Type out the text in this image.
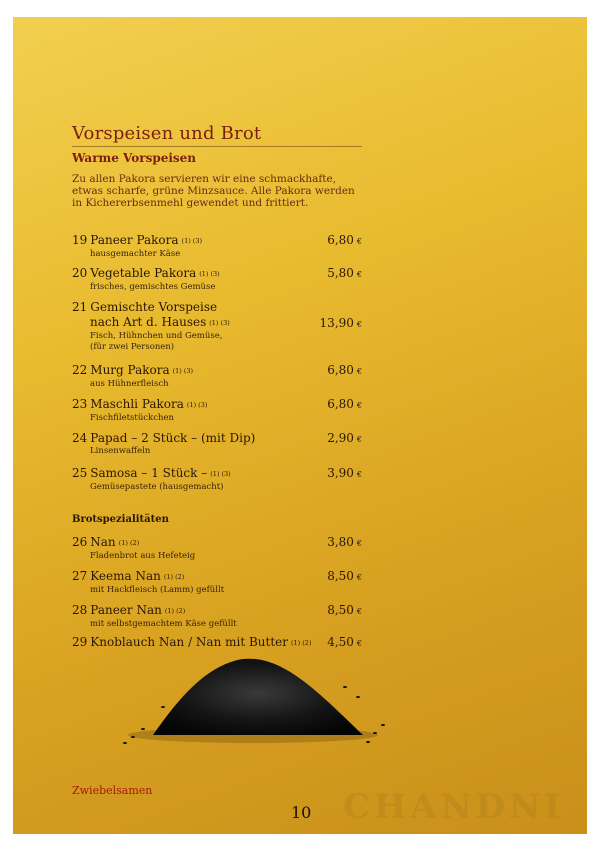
Vorspeisen und Brot
Warme Vorspeisen
Zu allen Pakora servieren wir eine schmackhafte, etwas scharfe, grüne Minzsauce. Alle Pakora werden in Kichererbsenmehl gewendet und frittiert.
19 Paneer Pakora (1) (3)	6,80 €
hausgemachter Käse
20 Vegetable Pakora (1) (3)	5,80 €
frisches, gemischtes Gemüse
21 Gemischte Vorspeise
nach Art d. Hauses (1) (3)	13,90 €
Fisch, Hühnchen und Gemüse,
(für zwei Personen)
22 Murg Pakora (1) (3)	6,80 €
aus Hühnerfleisch
23 Maschli Pakora (1) (3)	6,80 €
Fischfiletstückchen
24 Papad – 2 Stück – (mit Dip)	2,90 €
Linsenwaffeln
25 Samosa – 1 Stück – (1) (3)	3,90 €
Gemüsepastete (hausgemacht)
Brotspezialitäten
26 Nan (1) (2)	3,80 €
Fladenbrot aus Hefeteig
27 Keema Nan (1) (2)	8,50 €
mit Hackfleisch (Lamm) gefüllt
28 Paneer Nan (1) (2)	8,50 €
mit selbstgemachtem Käse gefüllt
29 Knoblauch Nan / Nan mit Butter (1) (2)	4,50 €
Zwiebelsamen
10 CHANDNI
